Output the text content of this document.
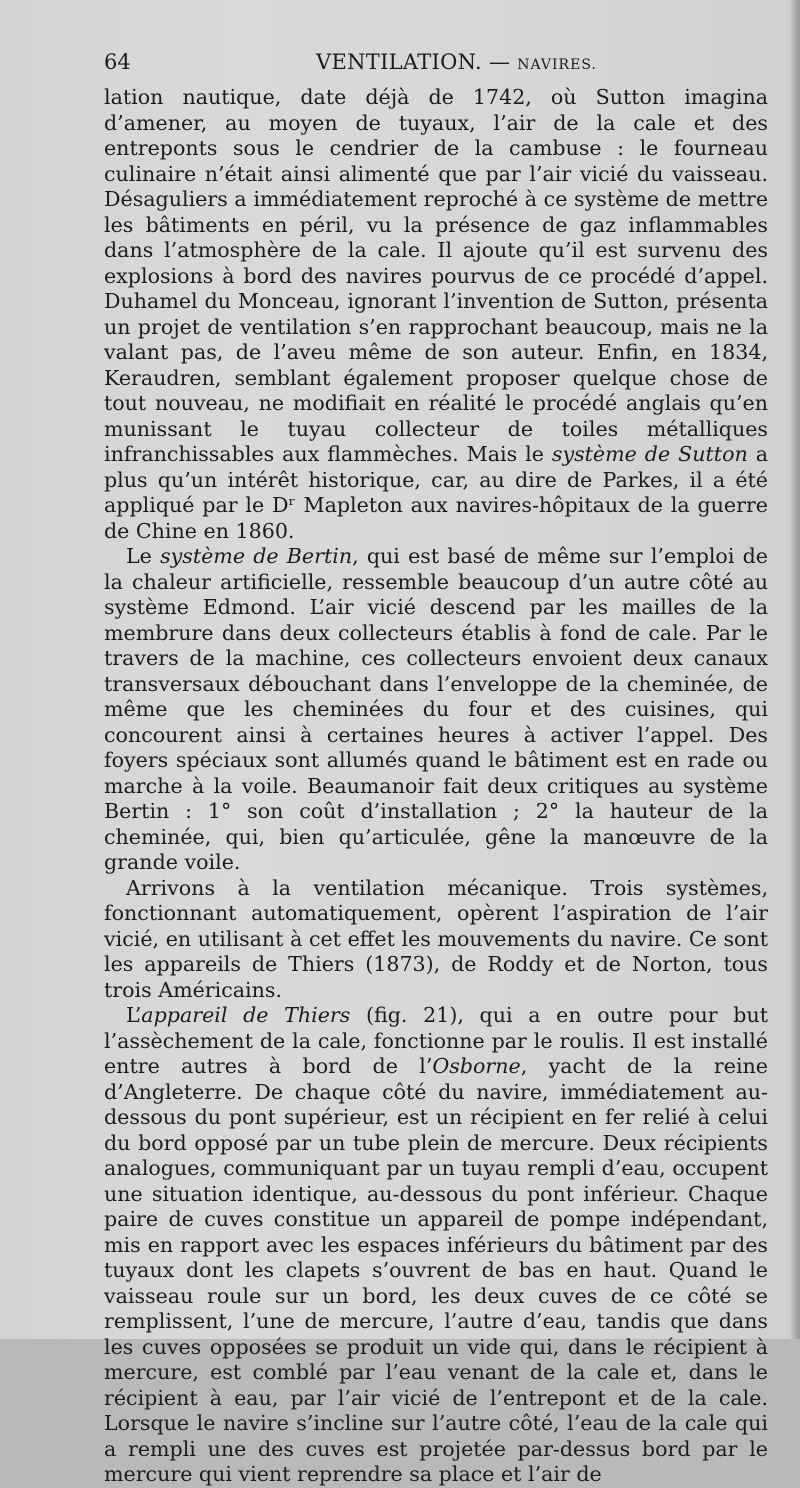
64	VENTILATION. — NAVIRES.

lation nautique, date déjà de 1742, où Sutton imagina d’amener, au moyen de tuyaux, l’air de la cale et des entreponts sous le cendrier de la cambuse : le fourneau culinaire n’était ainsi alimenté que par l’air vicié du vaisseau. Désaguliers a immédiatement reproché à ce système de mettre les bâtiments en péril, vu la présence de gaz inflammables dans l’atmosphère de la cale. Il ajoute qu’il est survenu des explosions à bord des navires pourvus de ce procédé d’appel. Duhamel du Monceau, ignorant l’invention de Sutton, présenta un projet de ventilation s’en rapprochant beaucoup, mais ne la valant pas, de l’aveu même de son auteur. Enfin, en 1834, Keraudren, semblant également proposer quelque chose de tout nouveau, ne modifiait en réalité le procédé anglais qu’en munissant le tuyau collecteur de toiles métalliques infranchissables aux flammèches. Mais le système de Sutton a plus qu’un intérêt historique, car, au dire de Parkes, il a été appliqué par le Dʳ Mapleton aux navires-hôpitaux de la guerre de Chine en 1860.

Le système de Bertin, qui est basé de même sur l’emploi de la chaleur artificielle, ressemble beaucoup d’un autre côté au système Edmond. L’air vicié descend par les mailles de la membrure dans deux collecteurs établis à fond de cale. Par le travers de la machine, ces collecteurs envoient deux canaux transversaux débouchant dans l’enveloppe de la cheminée, de même que les cheminées du four et des cuisines, qui concourent ainsi à certaines heures à activer l’appel. Des foyers spéciaux sont allumés quand le bâtiment est en rade ou marche à la voile. Beaumanoir fait deux critiques au système Bertin : 1° son coût d’installation ; 2° la hauteur de la cheminée, qui, bien qu’articulée, gêne la manœuvre de la grande voile.

Arrivons à la ventilation mécanique. Trois systèmes, fonctionnant automatiquement, opèrent l’aspiration de l’air vicié, en utilisant à cet effet les mouvements du navire. Ce sont les appareils de Thiers (1873), de Roddy et de Norton, tous trois Américains.

L’appareil de Thiers (fig. 21), qui a en outre pour but l’assèchement de la cale, fonctionne par le roulis. Il est installé entre autres à bord de l’Osborne, yacht de la reine d’Angleterre. De chaque côté du navire, immédiatement au-dessous du pont supérieur, est un récipient en fer relié à celui du bord opposé par un tube plein de mercure. Deux récipients analogues, communiquant par un tuyau rempli d’eau, occupent une situation identique, au-dessous du pont inférieur. Chaque paire de cuves constitue un appareil de pompe indépendant, mis en rapport avec les espaces inférieurs du bâtiment par des tuyaux dont les clapets s’ouvrent de bas en haut. Quand le vaisseau roule sur un bord, les deux cuves de ce côté se remplissent, l’une de mercure, l’autre d’eau, tandis que dans les cuves opposées se produit un vide qui, dans le récipient à mercure, est comblé par l’eau venant de la cale et, dans le récipient à eau, par l’air vicié de l’entrepont et de la cale. Lorsque le navire s’incline sur l’autre côté, l’eau de la cale qui a rempli une des cuves est projetée par-dessus bord par le mercure qui vient reprendre sa place et l’air de
